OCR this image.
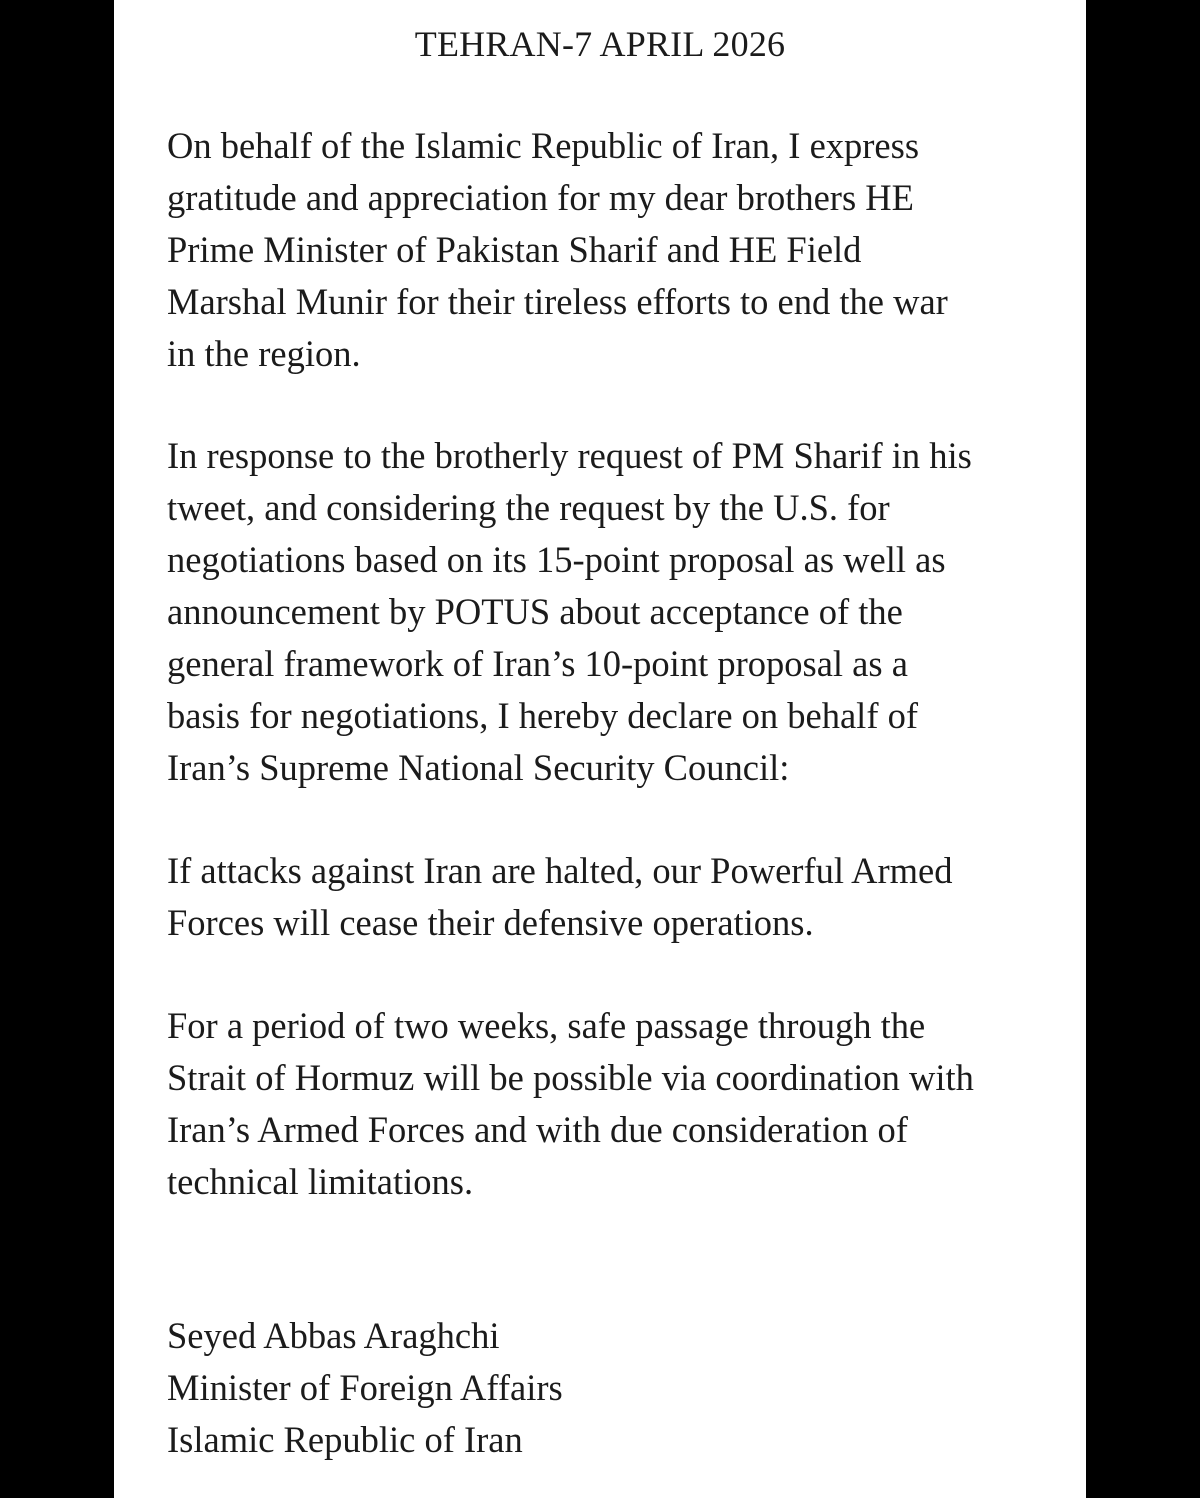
TEHRAN-7 APRIL 2026

On behalf of the Islamic Republic of Iran, I express
gratitude and appreciation for my dear brothers HE
Prime Minister of Pakistan Sharif and HE Field
Marshal Munir for their tireless efforts to end the war
in the region.

In response to the brotherly request of PM Sharif in his
tweet, and considering the request by the U.S. for
negotiations based on its 15-point proposal as well as
announcement by POTUS about acceptance of the
general framework of Iran’s 10-point proposal as a
basis for negotiations, I hereby declare on behalf of
Iran’s Supreme National Security Council:

If attacks against Iran are halted, our Powerful Armed
Forces will cease their defensive operations.

For a period of two weeks, safe passage through the
Strait of Hormuz will be possible via coordination with
Iran’s Armed Forces and with due consideration of
technical limitations.

Seyed Abbas Araghchi
Minister of Foreign Affairs
Islamic Republic of Iran
